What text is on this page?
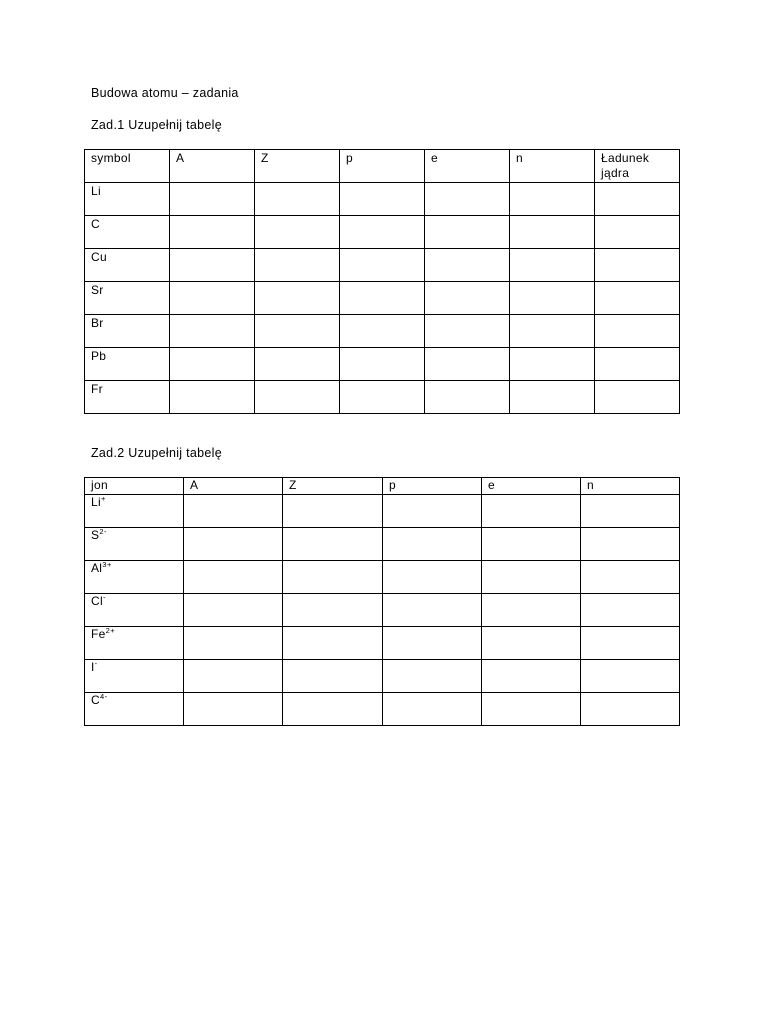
Budowa atomu – zadania
Zad.1 Uzupełnij tabelę
symbol	A	Z	p	e	n	Ładunek jądra
Li						
C						
Cu						
Sr						
Br						
Pb						
Fr						
Zad.2 Uzupełnij tabelę
jon	A	Z	p	e	n
Li+					
$S^{2-}$					
$Al^{3+}$					
Cl-					
$Fe^{2+}$					
I-					
$C^{4-}$					
